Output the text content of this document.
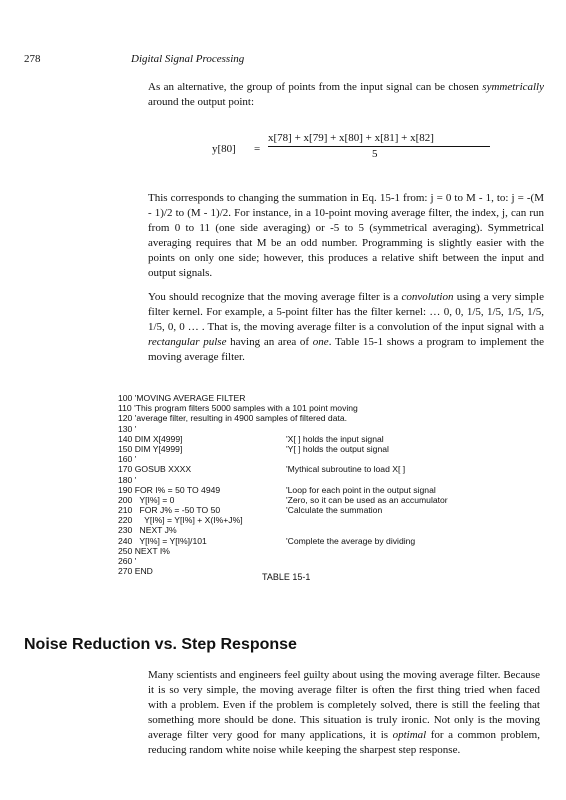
278	Digital Signal Processing

As an alternative, the group of points from the input signal can be chosen symmetrically around the output point:

y[80] =
x[78] + x[79] + x[80] + x[81] + x[82]
5

This corresponds to changing the summation in Eq. 15-1 from: j = 0 to M - 1, to: j = -(M - 1)/2 to (M - 1)/2. For instance, in a 10-point moving average filter, the index, j, can run from 0 to 11 (one side averaging) or -5 to 5 (symmetrical averaging). Symmetrical averaging requires that M be an odd number. Programming is slightly easier with the points on only one side; however, this produces a relative shift between the input and output signals.

You should recognize that the moving average filter is a convolution using a very simple filter kernel. For example, a 5-point filter has the filter kernel: … 0, 0, 1/5, 1/5, 1/5, 1/5, 1/5, 0, 0 … . That is, the moving average filter is a convolution of the input signal with a rectangular pulse having an area of one. Table 15-1 shows a program to implement the moving average filter.

100 'MOVING AVERAGE FILTER
110 'This program filters 5000 samples with a 101 point moving
120 'average filter, resulting in 4900 samples of filtered data.
130 '
140 DIM X[4999]	'X[ ] holds the input signal
150 DIM Y[4999]	'Y[ ] holds the output signal
160 '
170 GOSUB XXXX	'Mythical subroutine to load X[ ]
180 '
190 FOR I% = 50 TO 4949	'Loop for each point in the output signal
200   Y[I%] = 0	'Zero, so it can be used as an accumulator
210   FOR J% = -50 TO 50	'Calculate the summation
220     Y[I%] = Y[I%] + X(I%+J%]
230   NEXT J%
240   Y[I%] = Y[I%]/101	'Complete the average by dividing
250 NEXT I%
260 '
270 END
TABLE 15-1
Noise Reduction vs. Step Response

Many scientists and engineers feel guilty about using the moving average filter. Because it is so very simple, the moving average filter is often the first thing tried when faced with a problem. Even if the problem is completely solved, there is still the feeling that something more should be done. This situation is truly ironic. Not only is the moving average filter very good for many applications, it is optimal for a common problem, reducing random white noise while keeping the sharpest step response.
